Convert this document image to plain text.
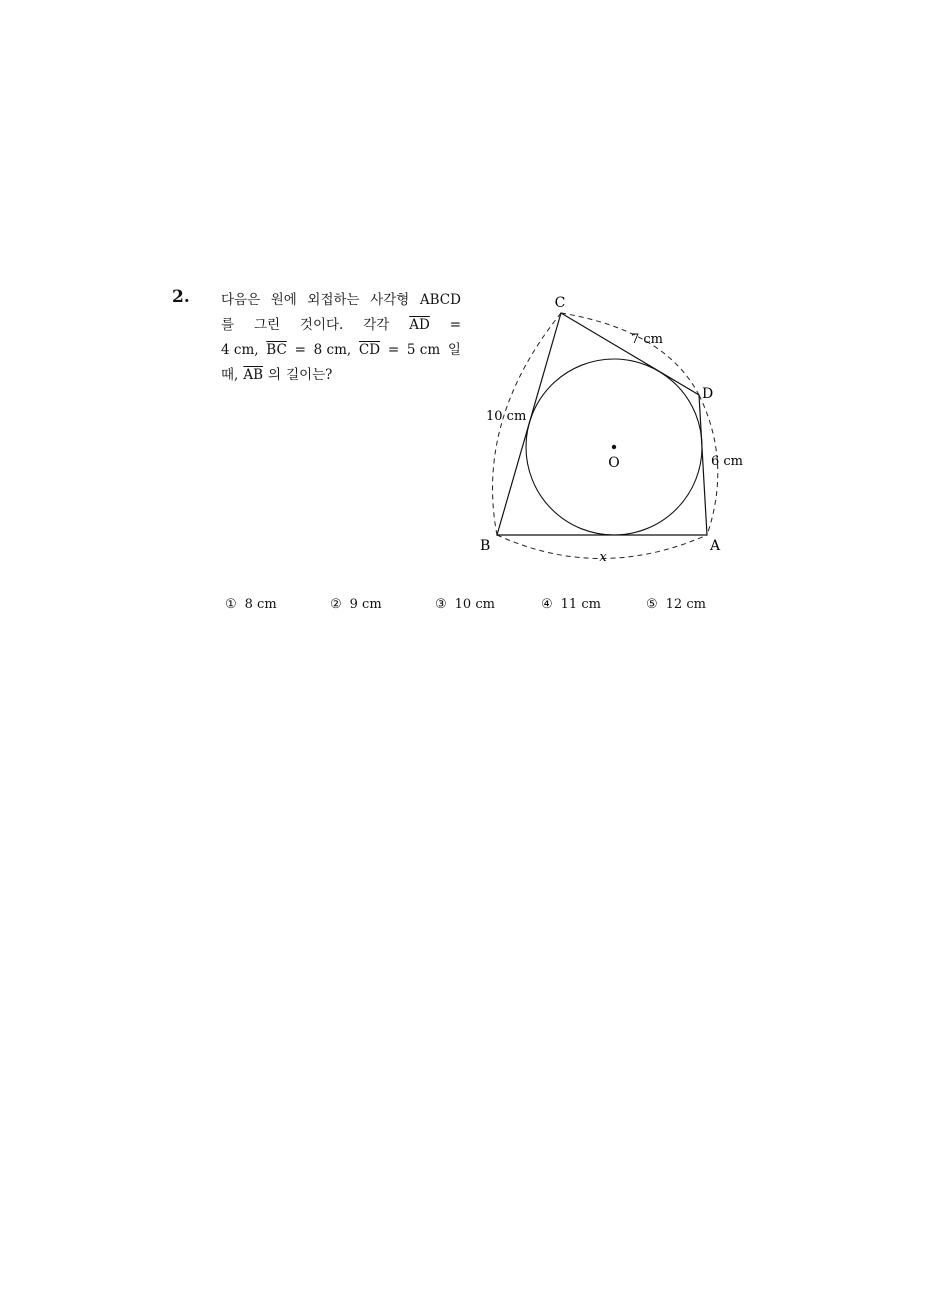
2. 다음은 원에 외접하는 사각형 ABCD
를 그린 것이다. 각각 $\overline{AD}$ =
4 cm, $\overline{BC} = 8$ cm, $\overline{CD} = 5$ cm 일
때, $\overline{AB}$ 의 길이는?
C
D
A
B
O
7 cm
10 cm
6 cm
x
① 8 cm	② 9 cm	③ 10 cm	④ 11 cm	⑤ 12 cm
